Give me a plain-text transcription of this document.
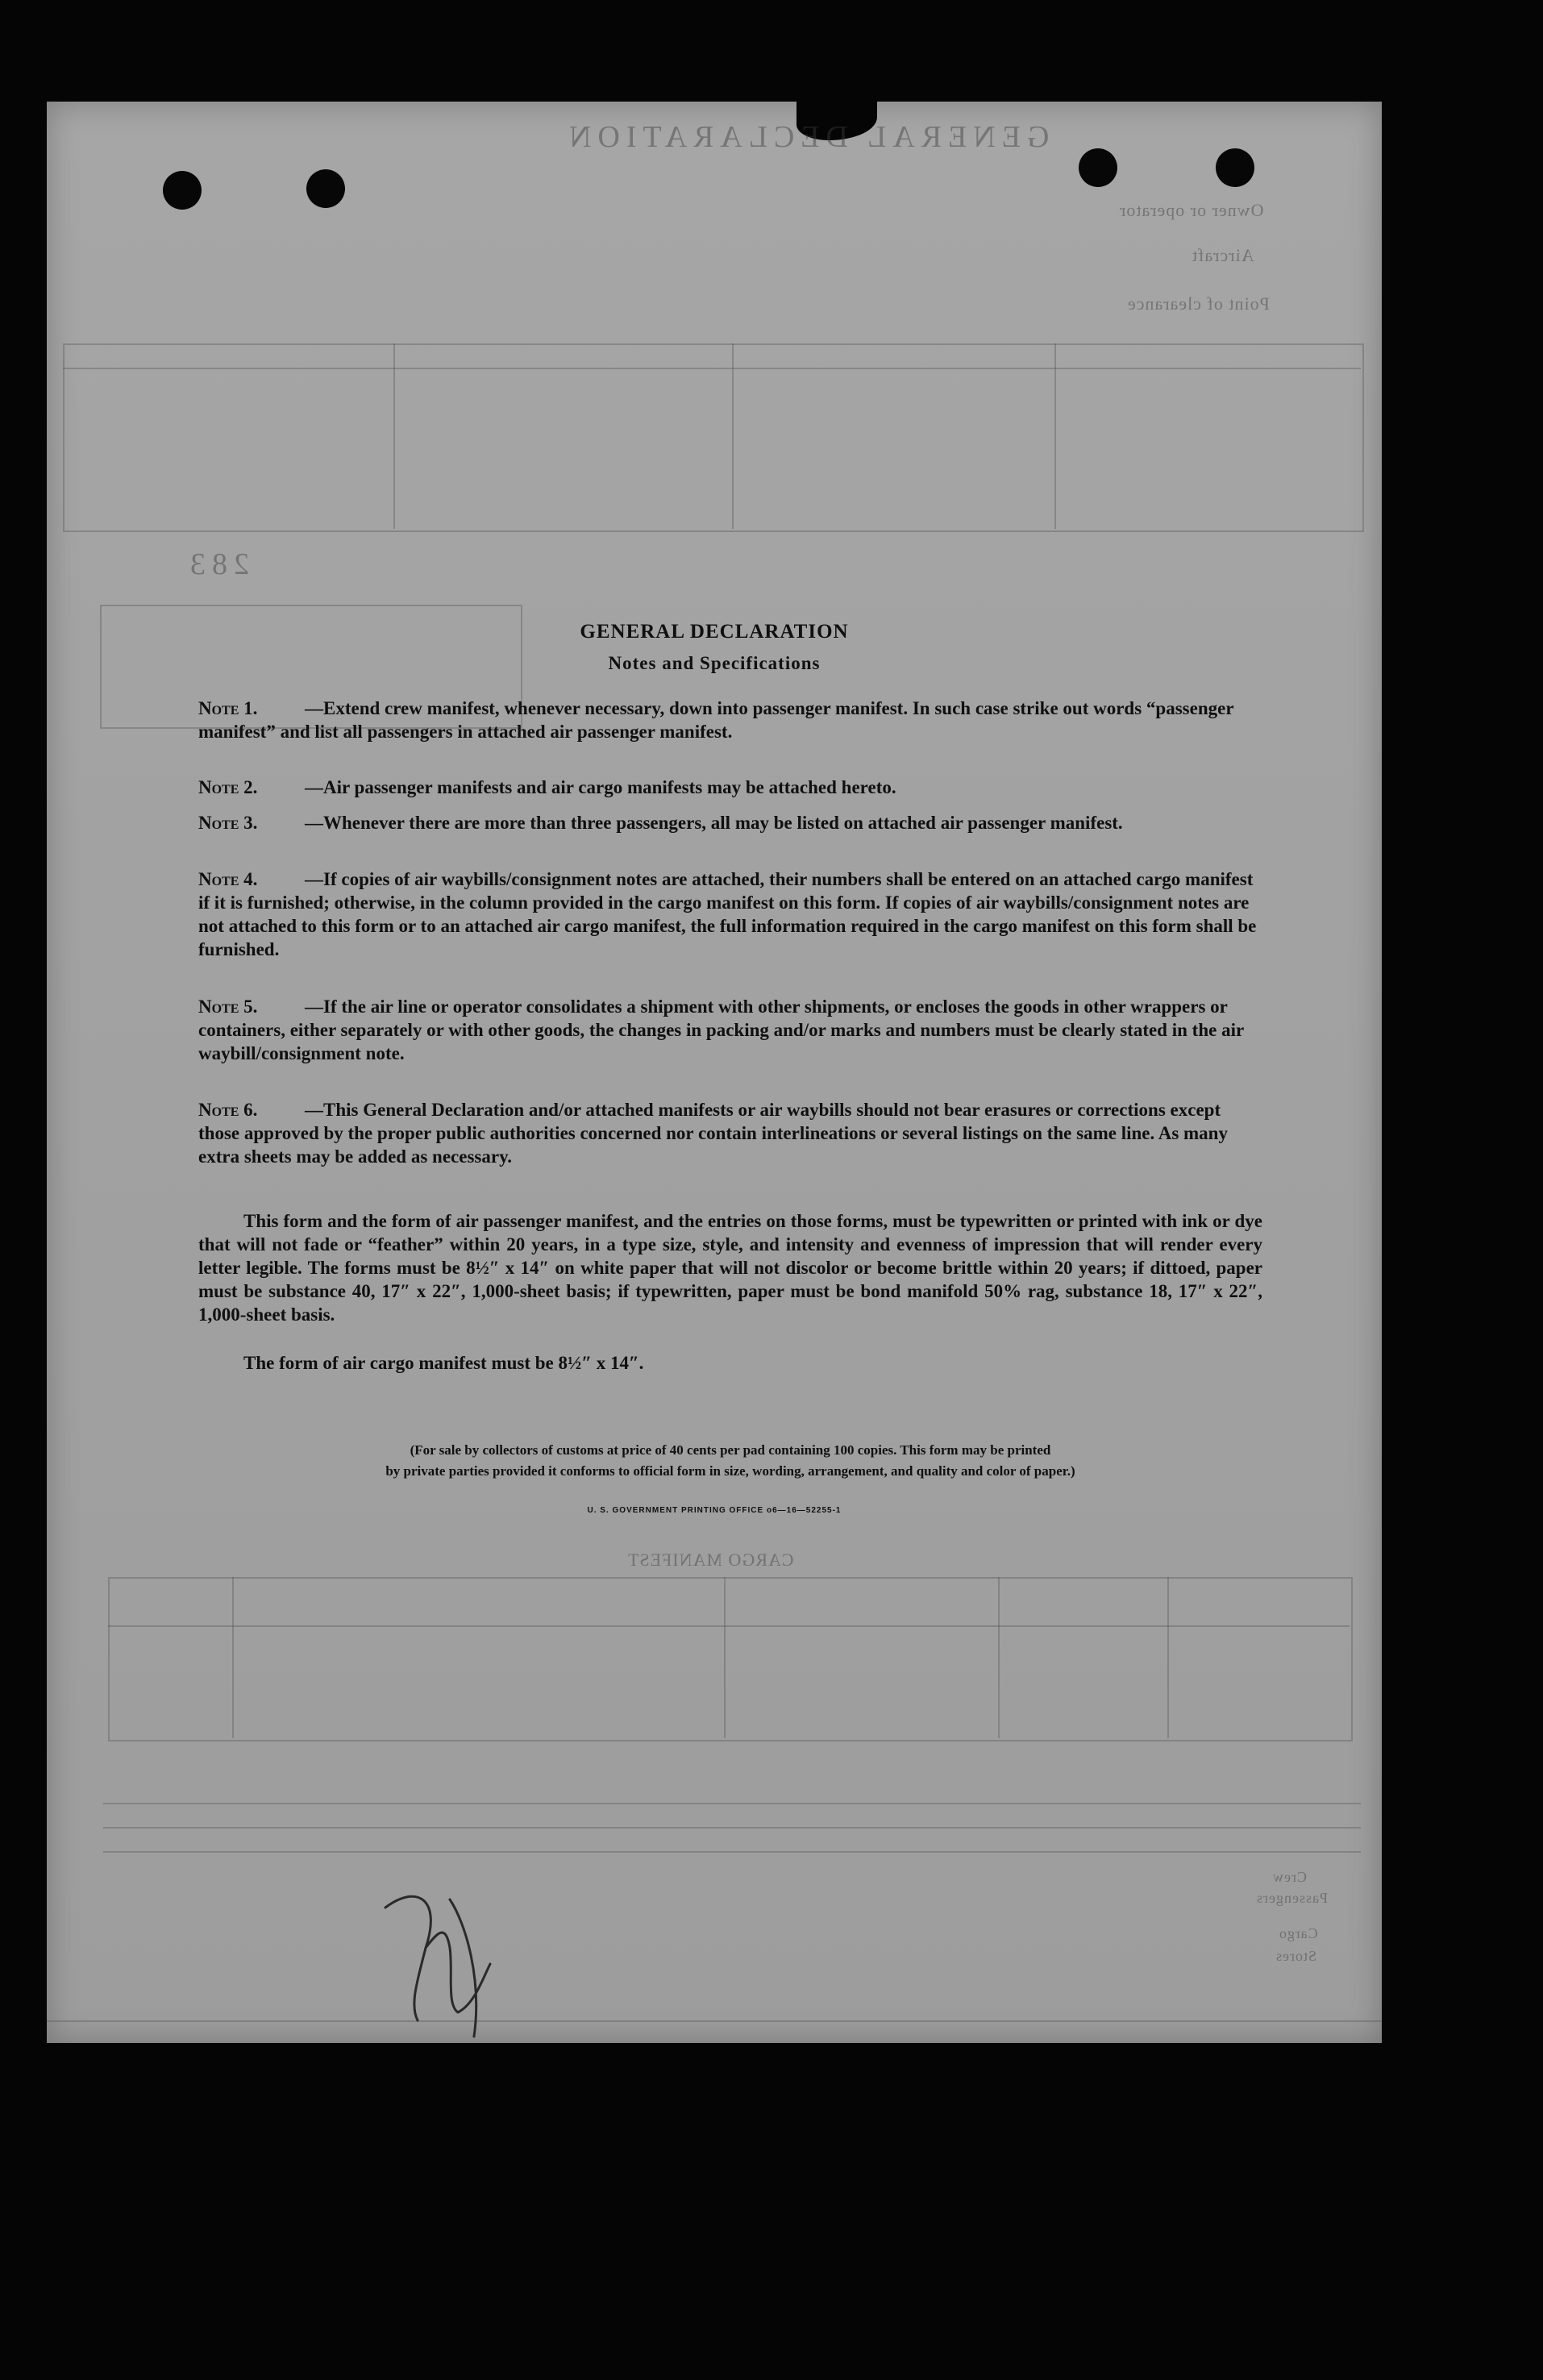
GENERAL DECLARATION
Owner or operator
Aircraft
Point of clearance
283
CARGO MANIFEST
Crew
Passengers
Cargo
Stores
GENERAL DECLARATION
Notes and Specifications
Note 1.	—Extend crew manifest, whenever necessary, down into passenger manifest. In such case strike out words “passenger manifest” and list all passengers in attached air passenger manifest.
Note 2.	—Air passenger manifests and air cargo manifests may be attached hereto.
Note 3.	—Whenever there are more than three passengers, all may be listed on attached air passenger manifest.
Note 4.	—If copies of air waybills/consignment notes are attached, their numbers shall be entered on an attached cargo manifest if it is furnished; otherwise, in the column provided in the cargo manifest on this form. If copies of air waybills/consignment notes are not attached to this form or to an attached air cargo manifest, the full information required in the cargo manifest on this form shall be furnished.
Note 5.	—If the air line or operator consolidates a shipment with other shipments, or encloses the goods in other wrappers or containers, either separately or with other goods, the changes in packing and/or marks and numbers must be clearly stated in the air waybill/consignment note.
Note 6.	—This General Declaration and/or attached manifests or air waybills should not bear erasures or corrections except those approved by the proper public authorities concerned nor contain interlineations or several listings on the same line. As many extra sheets may be added as necessary.
This form and the form of air passenger manifest, and the entries on those forms, must be typewritten or printed with ink or dye that will not fade or “feather” within 20 years, in a type size, style, and intensity and evenness of impression that will render every letter legible. The forms must be 8½″ x 14″ on white paper that will not discolor or become brittle within 20 years; if dittoed, paper must be substance 40, 17″ x 22″, 1,000-sheet basis; if typewritten, paper must be bond manifold 50% rag, substance 18, 17″ x 22″, 1,000-sheet basis.
The form of air cargo manifest must be 8½″ x 14″.
(For sale by collectors of customs at price of 40 cents per pad containing 100 copies. This form may be printed
by private parties provided it conforms to official form in size, wording, arrangement, and quality and color of paper.)
U. S. GOVERNMENT PRINTING OFFICE o6—16—52255-1
